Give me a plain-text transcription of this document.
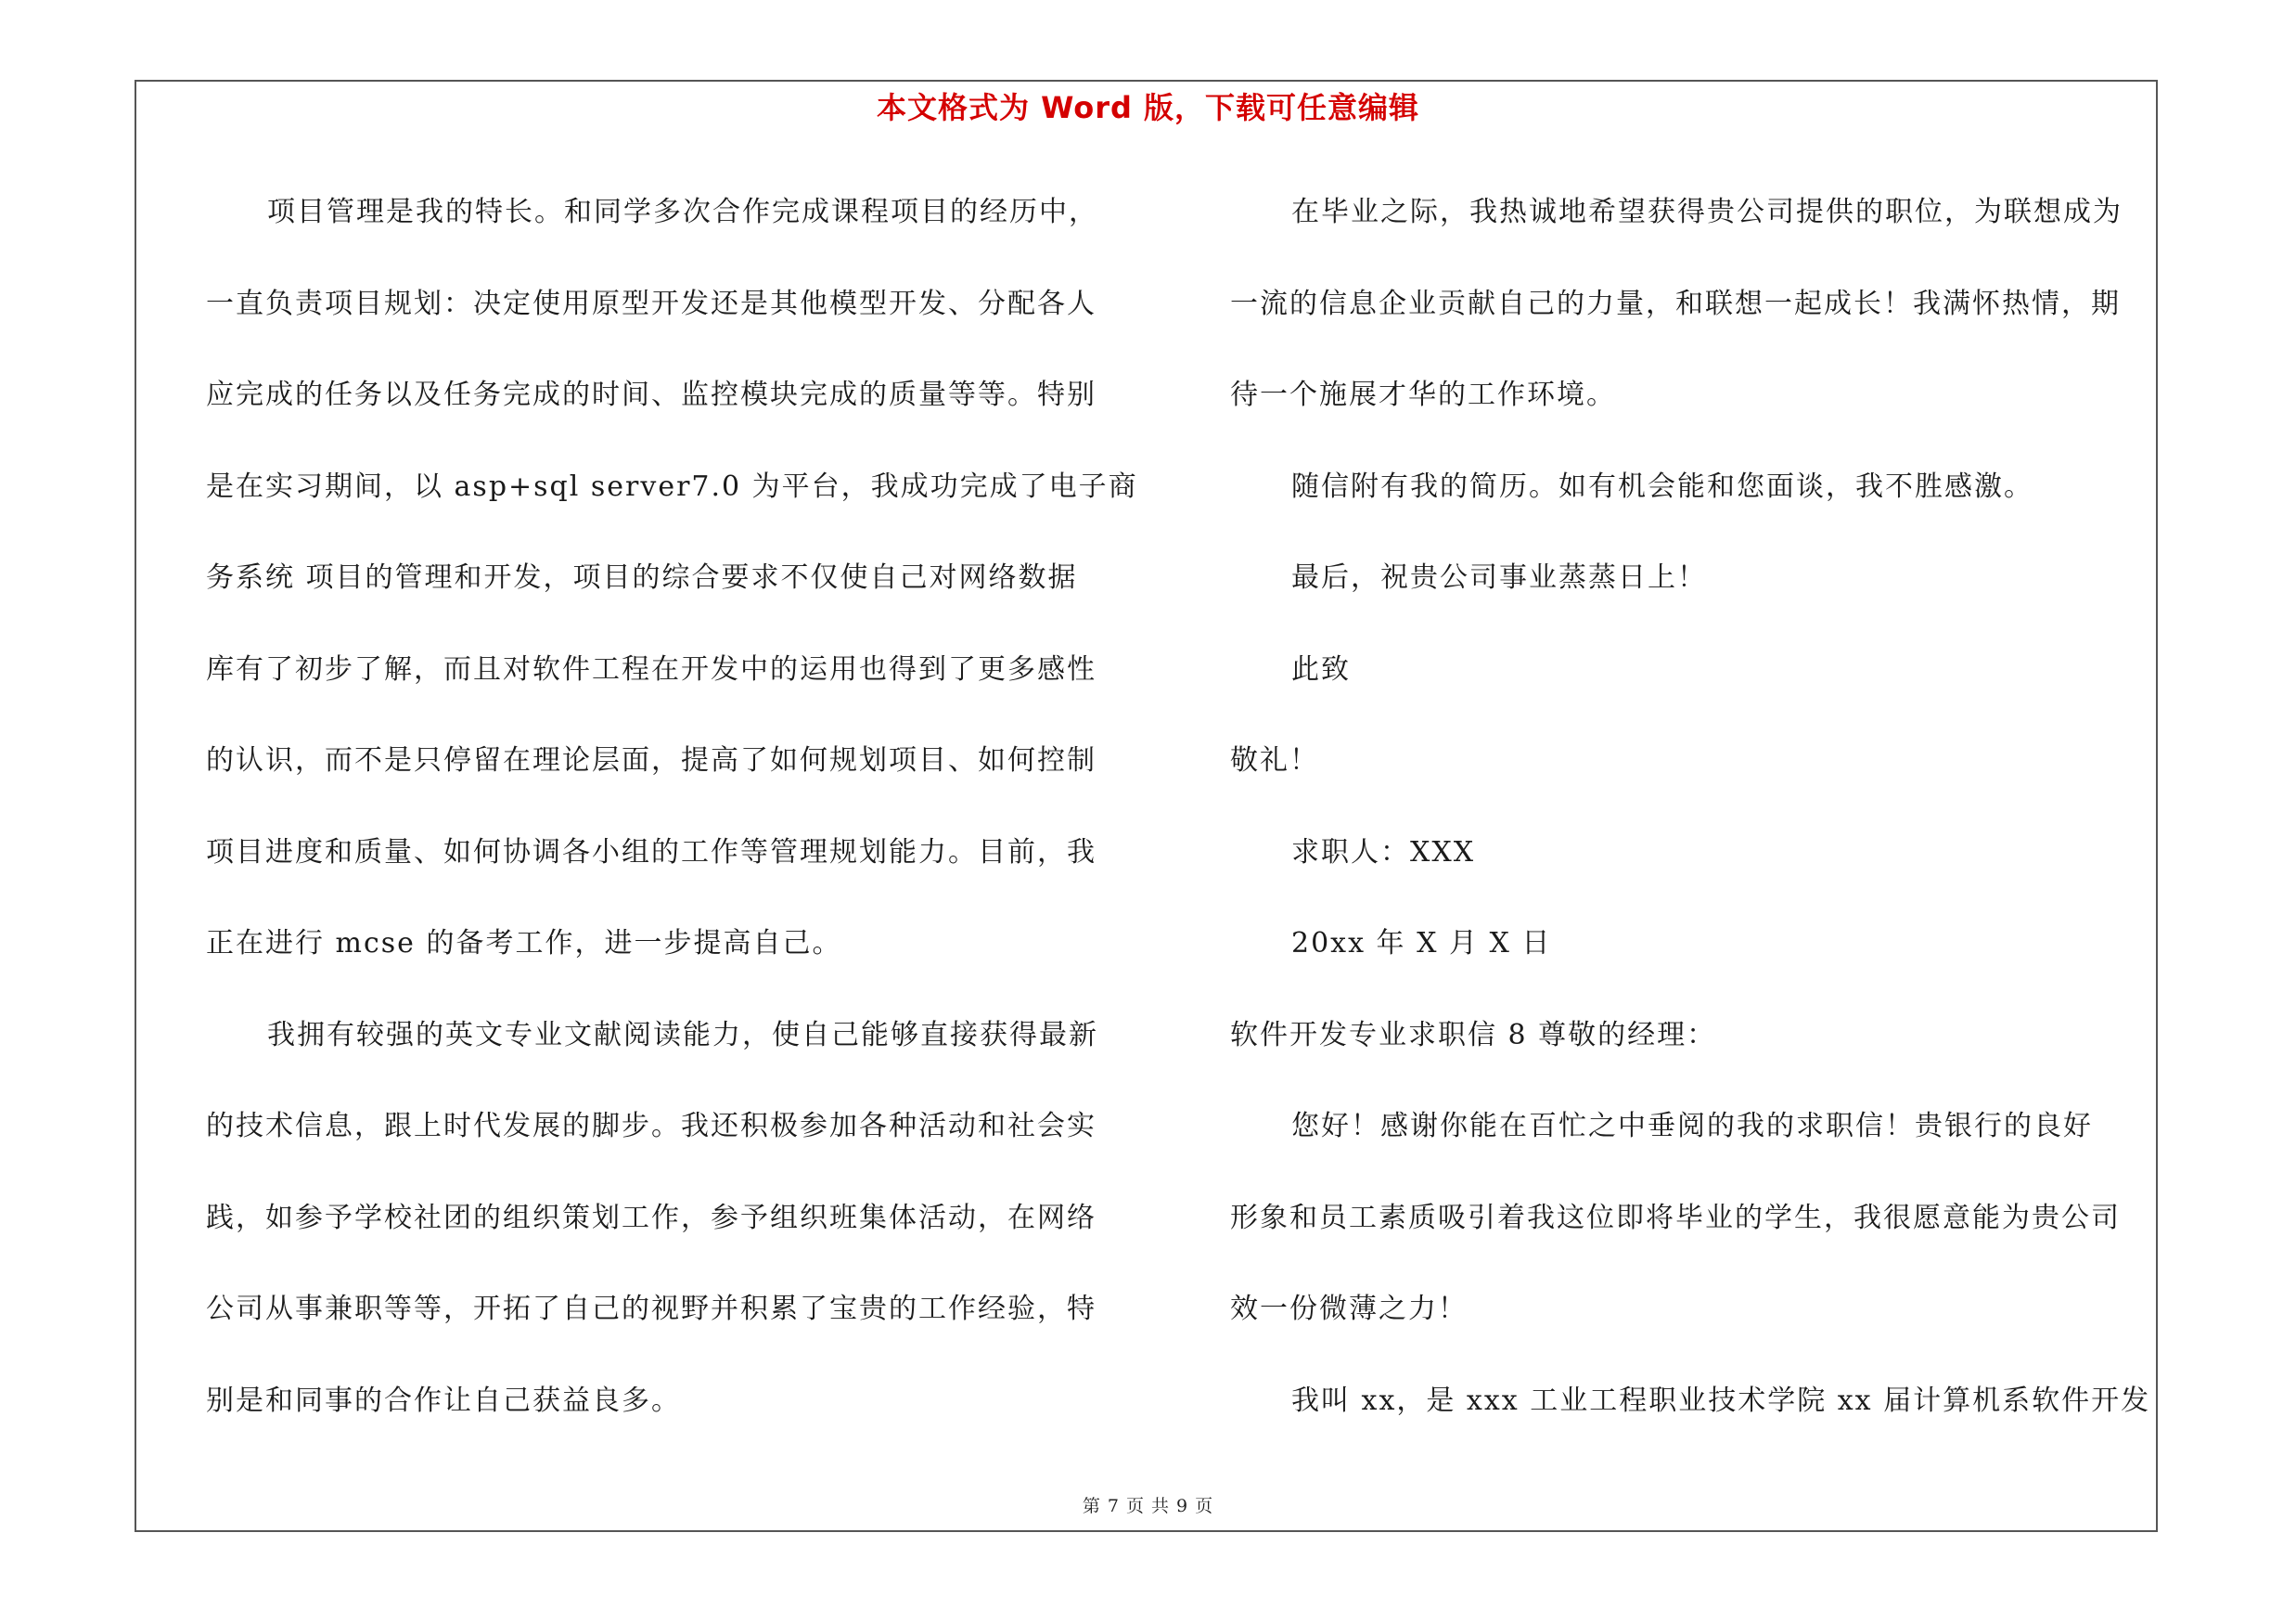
本文格式为 Word 版，下载可任意编辑
项目管理是我的特长。和同学多次合作完成课程项目的经历中，
一直负责项目规划：决定使用原型开发还是其他模型开发、分配各人
应完成的任务以及任务完成的时间、监控模块完成的质量等等。特别
是在实习期间，以 asp+sql server7.0 为平台，我成功完成了电子商
务系统 项目的管理和开发，项目的综合要求不仅使自己对网络数据
库有了初步了解，而且对软件工程在开发中的运用也得到了更多感性
的认识，而不是只停留在理论层面，提高了如何规划项目、如何控制
项目进度和质量、如何协调各小组的工作等管理规划能力。目前，我
正在进行 mcse 的备考工作，进一步提高自己。
我拥有较强的英文专业文献阅读能力，使自己能够直接获得最新
的技术信息，跟上时代发展的脚步。我还积极参加各种活动和社会实
践，如参予学校社团的组织策划工作，参予组织班集体活动，在网络
公司从事兼职等等，开拓了自己的视野并积累了宝贵的工作经验，特
别是和同事的合作让自己获益良多。
在毕业之际，我热诚地希望获得贵公司提供的职位，为联想成为
一流的信息企业贡献自己的力量，和联想一起成长！我满怀热情，期
待一个施展才华的工作环境。
随信附有我的简历。如有机会能和您面谈，我不胜感激。
最后，祝贵公司事业蒸蒸日上！
此致
敬礼！
求职人：XXX
20xx 年 X 月 X 日
软件开发专业求职信 8 尊敬的经理：
您好！感谢你能在百忙之中垂阅的我的求职信！贵银行的良好
形象和员工素质吸引着我这位即将毕业的学生，我很愿意能为贵公司
效一份微薄之力！
我叫 xx，是 xxx 工业工程职业技术学院 xx 届计算机系软件开发
第 7 页 共 9 页
